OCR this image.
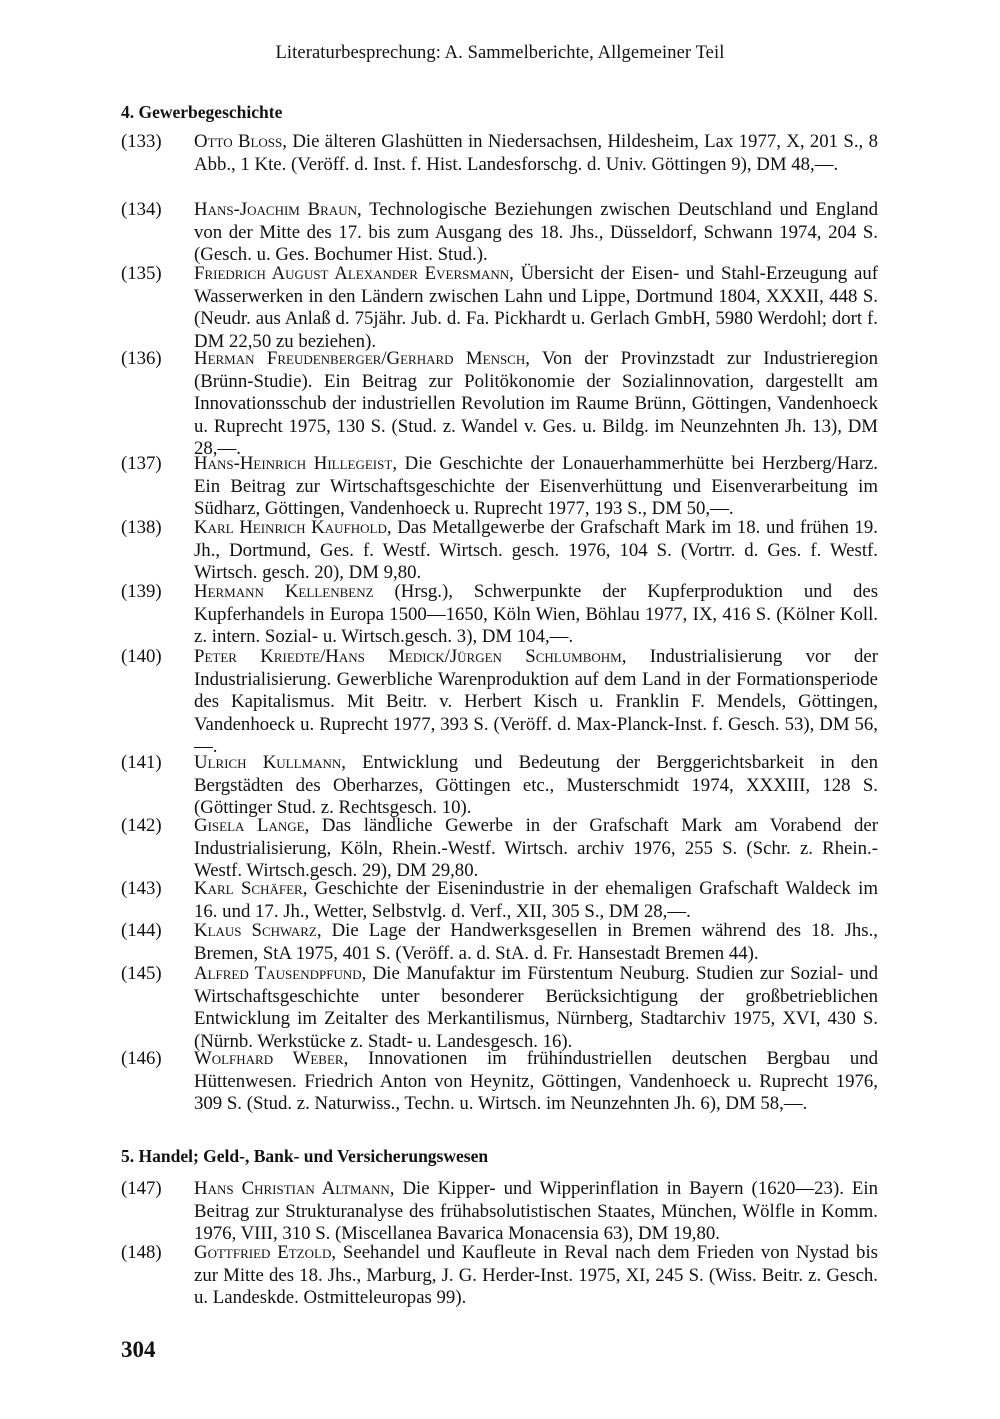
Literaturbesprechung: A. Sammelberichte, Allgemeiner Teil
4. Gewerbegeschichte
(133) Otto Bloss, Die älteren Glashütten in Niedersachsen, Hildesheim, Lax 1977, X, 201 S., 8 Abb., 1 Kte. (Veröff. d. Inst. f. Hist. Landesforschg. d. Univ. Göttingen 9), DM 48,—.
(134) Hans-Joachim Braun, Technologische Beziehungen zwischen Deutschland und England von der Mitte des 17. bis zum Ausgang des 18. Jhs., Düsseldorf, Schwann 1974, 204 S. (Gesch. u. Ges. Bochumer Hist. Stud.).
(135) Friedrich August Alexander Eversmann, Übersicht der Eisen- und Stahl-Erzeugung auf Wasserwerken in den Ländern zwischen Lahn und Lippe, Dortmund 1804, XXXII, 448 S. (Neudr. aus Anlaß d. 75jähr. Jub. d. Fa. Pickhardt u. Gerlach GmbH, 5980 Werdohl; dort f. DM 22,50 zu beziehen).
(136) Herman Freudenberger/Gerhard Mensch, Von der Provinzstadt zur Industrieregion (Brünn-Studie). Ein Beitrag zur Politökonomie der Sozialinnovation, dargestellt am Innovationsschub der industriellen Revolution im Raume Brünn, Göttingen, Vandenhoeck u. Ruprecht 1975, 130 S. (Stud. z. Wandel v. Ges. u. Bildg. im Neunzehnten Jh. 13), DM 28,—.
(137) Hans-Heinrich Hillegeist, Die Geschichte der Lonauerhammerhütte bei Herzberg/Harz. Ein Beitrag zur Wirtschaftsgeschichte der Eisenverhüttung und Eisenverarbeitung im Südharz, Göttingen, Vandenhoeck u. Ruprecht 1977, 193 S., DM 50,—.
(138) Karl Heinrich Kaufhold, Das Metallgewerbe der Grafschaft Mark im 18. und frühen 19. Jh., Dortmund, Ges. f. Westf. Wirtsch. gesch. 1976, 104 S. (Vortrr. d. Ges. f. Westf. Wirtsch. gesch. 20), DM 9,80.
(139) Hermann Kellenbenz (Hrsg.), Schwerpunkte der Kupferproduktion und des Kupferhandels in Europa 1500—1650, Köln Wien, Böhlau 1977, IX, 416 S. (Kölner Koll. z. intern. Sozial- u. Wirtsch.gesch. 3), DM 104,—.
(140) Peter Kriedte/Hans Medick/Jürgen Schlumbohm, Industrialisierung vor der Industrialisierung. Gewerbliche Warenproduktion auf dem Land in der Formationsperiode des Kapitalismus. Mit Beitr. v. Herbert Kisch u. Franklin F. Mendels, Göttingen, Vandenhoeck u. Ruprecht 1977, 393 S. (Veröff. d. Max-Planck-Inst. f. Gesch. 53), DM 56,—.
(141) Ulrich Kullmann, Entwicklung und Bedeutung der Berggerichtsbarkeit in den Bergstädten des Oberharzes, Göttingen etc., Musterschmidt 1974, XXXIII, 128 S. (Göttinger Stud. z. Rechtsgesch. 10).
(142) Gisela Lange, Das ländliche Gewerbe in der Grafschaft Mark am Vorabend der Industrialisierung, Köln, Rhein.-Westf. Wirtsch. archiv 1976, 255 S. (Schr. z. Rhein.-Westf. Wirtsch.gesch. 29), DM 29,80.
(143) Karl Schäfer, Geschichte der Eisenindustrie in der ehemaligen Grafschaft Waldeck im 16. und 17. Jh., Wetter, Selbstvlg. d. Verf., XII, 305 S., DM 28,—.
(144) Klaus Schwarz, Die Lage der Handwerksgesellen in Bremen während des 18. Jhs., Bremen, StA 1975, 401 S. (Veröff. a. d. StA. d. Fr. Hansestadt Bremen 44).
(145) Alfred Tausendpfund, Die Manufaktur im Fürstentum Neuburg. Studien zur Sozial- und Wirtschaftsgeschichte unter besonderer Berücksichtigung der großbetrieblichen Entwicklung im Zeitalter des Merkantilismus, Nürnberg, Stadtarchiv 1975, XVI, 430 S. (Nürnb. Werkstücke z. Stadt- u. Landesgesch. 16).
(146) Wolfhard Weber, Innovationen im frühindustriellen deutschen Bergbau und Hüttenwesen. Friedrich Anton von Heynitz, Göttingen, Vandenhoeck u. Ruprecht 1976, 309 S. (Stud. z. Naturwiss., Techn. u. Wirtsch. im Neunzehnten Jh. 6), DM 58,—.
5. Handel; Geld-, Bank- und Versicherungswesen
(147) Hans Christian Altmann, Die Kipper- und Wipperinflation in Bayern (1620—23). Ein Beitrag zur Strukturanalyse des frühabsolutistischen Staates, München, Wölfle in Komm. 1976, VIII, 310 S. (Miscellanea Bavarica Monacensia 63), DM 19,80.
(148) Gottfried Etzold, Seehandel und Kaufleute in Reval nach dem Frieden von Nystad bis zur Mitte des 18. Jhs., Marburg, J. G. Herder-Inst. 1975, XI, 245 S. (Wiss. Beitr. z. Gesch. u. Landeskde. Ostmitteleuropas 99).
304
